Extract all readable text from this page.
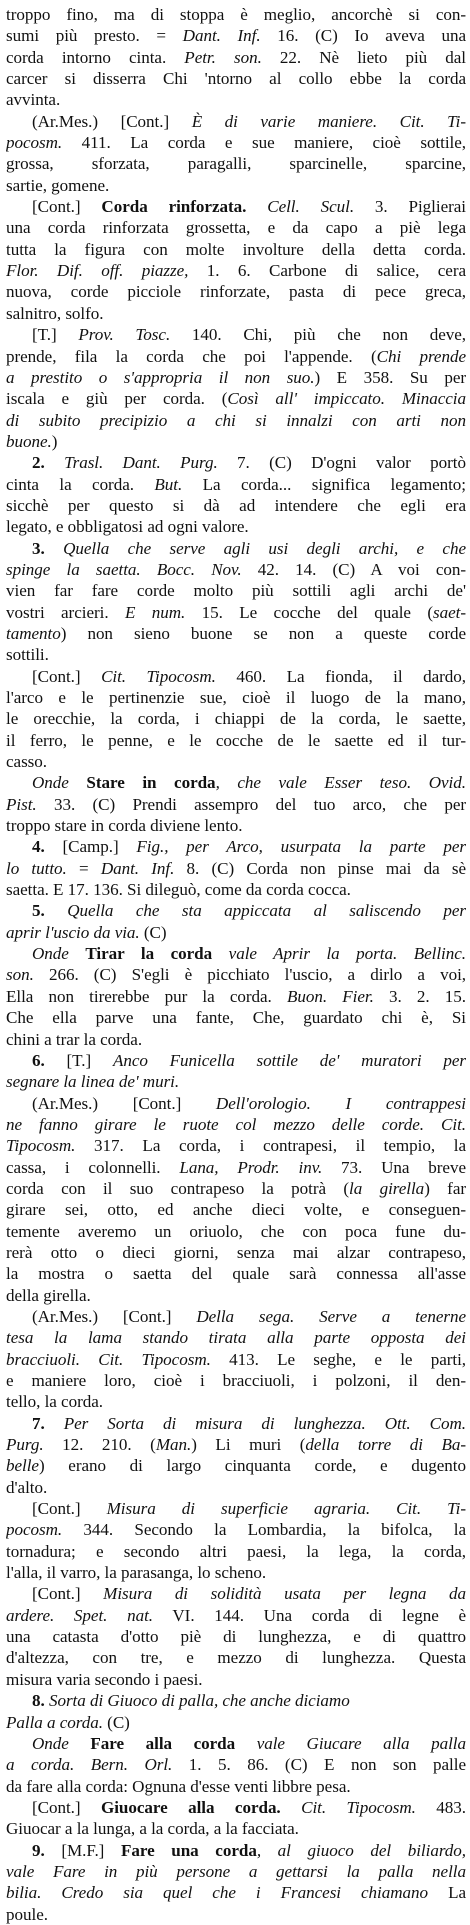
troppo fino, ma di stoppa è meglio, ancorchè si con-
sumi più presto. = Dant. Inf. 16. (C) Io aveva una
corda intorno cinta. Petr. son. 22. Nè lieto più dal
carcer si disserra Chi 'ntorno al collo ebbe la corda
avvinta.
(Ar.Mes.) [Cont.] È di varie maniere. Cit. Ti-
pocosm. 411. La corda e sue maniere, cioè sottile,
grossa, sforzata, paragalli, sparcinelle, sparcine,
sartie, gomene.
[Cont.] Corda rinforzata. Cell. Scul. 3. Piglierai
una corda rinforzata grossetta, e da capo a piè lega
tutta la figura con molte involture della detta corda.
Flor. Dif. off. piazze, 1. 6. Carbone di salice, cera
nuova, corde picciole rinforzate, pasta di pece greca,
salnitro, solfo.
[T.] Prov. Tosc. 140. Chi, più che non deve,
prende, fila la corda che poi l'appende. (Chi prende
a prestito o s'appropria il non suo.) E 358. Su per
iscala e giù per corda. (Così all' impiccato. Minaccia
di subito precipizio a chi si innalzi con arti non
buone.)
2. Trasl. Dant. Purg. 7. (C) D'ogni valor portò
cinta la corda. But. La corda... significa legamento;
sicchè per questo si dà ad intendere che egli era
legato, e obbligatosi ad ogni valore.
3. Quella che serve agli usi degli archi, e che
spinge la saetta. Bocc. Nov. 42. 14. (C) A voi con-
vien far fare corde molto più sottili agli archi de'
vostri arcieri. E num. 15. Le cocche del quale (saet-
tamento) non sieno buone se non a queste corde
sottili.
[Cont.] Cit. Tipocosm. 460. La fionda, il dardo,
l'arco e le pertinenzie sue, cioè il luogo de la mano,
le orecchie, la corda, i chiappi de la corda, le saette,
il ferro, le penne, e le cocche de le saette ed il tur-
casso.
Onde Stare in corda, che vale Esser teso. Ovid.
Pist. 33. (C) Prendi assempro del tuo arco, che per
troppo stare in corda diviene lento.
4. [Camp.] Fig., per Arco, usurpata la parte per
lo tutto. = Dant. Inf. 8. (C) Corda non pinse mai da sè
saetta. E 17. 136. Si dileguò, come da corda cocca.
5. Quella che sta appiccata al saliscendo per
aprir l'uscio da via. (C)
Onde Tirar la corda vale Aprir la porta. Bellinc.
son. 266. (C) S'egli è picchiato l'uscio, a dirlo a voi,
Ella non tirerebbe pur la corda. Buon. Fier. 3. 2. 15.
Che ella parve una fante, Che, guardato chi è, Si
chini a trar la corda.
6. [T.] Anco Funicella sottile de' muratori per
segnare la linea de' muri.
(Ar.Mes.) [Cont.] Dell'orologio. I contrappesi
ne fanno girare le ruote col mezzo delle corde. Cit.
Tipocosm. 317. La corda, i contrapesi, il tempio, la
cassa, i colonnelli. Lana, Prodr. inv. 73. Una breve
corda con il suo contrapeso la potrà (la girella) far
girare sei, otto, ed anche dieci volte, e conseguen-
temente averemo un oriuolo, che con poca fune du-
rerà otto o dieci giorni, senza mai alzar contrapeso,
la mostra o saetta del quale sarà connessa all'asse
della girella.
(Ar.Mes.) [Cont.] Della sega. Serve a tenerne
tesa la lama stando tirata alla parte opposta dei
bracciuoli. Cit. Tipocosm. 413. Le seghe, e le parti,
e maniere loro, cioè i bracciuoli, i polzoni, il den-
tello, la corda.
7. Per Sorta di misura di lunghezza. Ott. Com.
Purg. 12. 210. (Man.) Li muri (della torre di Ba-
belle) erano di largo cinquanta corde, e dugento
d'alto.
[Cont.] Misura di superficie agraria. Cit. Ti-
pocosm. 344. Secondo la Lombardia, la bifolca, la
tornadura; e secondo altri paesi, la lega, la corda,
l'alla, il varro, la parasanga, lo scheno.
[Cont.] Misura di solidità usata per legna da
ardere. Spet. nat. VI. 144. Una corda di legne è
una catasta d'otto piè di lunghezza, e di quattro
d'altezza, con tre, e mezzo di lunghezza. Questa
misura varia secondo i paesi.
8. Sorta di Giuoco di palla, che anche diciamo
Palla a corda. (C)
Onde Fare alla corda vale Giucare alla palla
a corda. Bern. Orl. 1. 5. 86. (C) E non son palle
da fare alla corda: Ognuna d'esse venti libbre pesa.
[Cont.] Giuocare alla corda. Cit. Tipocosm. 483.
Giuocar a la lunga, a la corda, a la facciata.
9. [M.F.] Fare una corda, al giuoco del biliardo,
vale Fare in più persone a gettarsi la palla nella
bilia. Credo sia quel che i Francesi chiamano La
poule.
